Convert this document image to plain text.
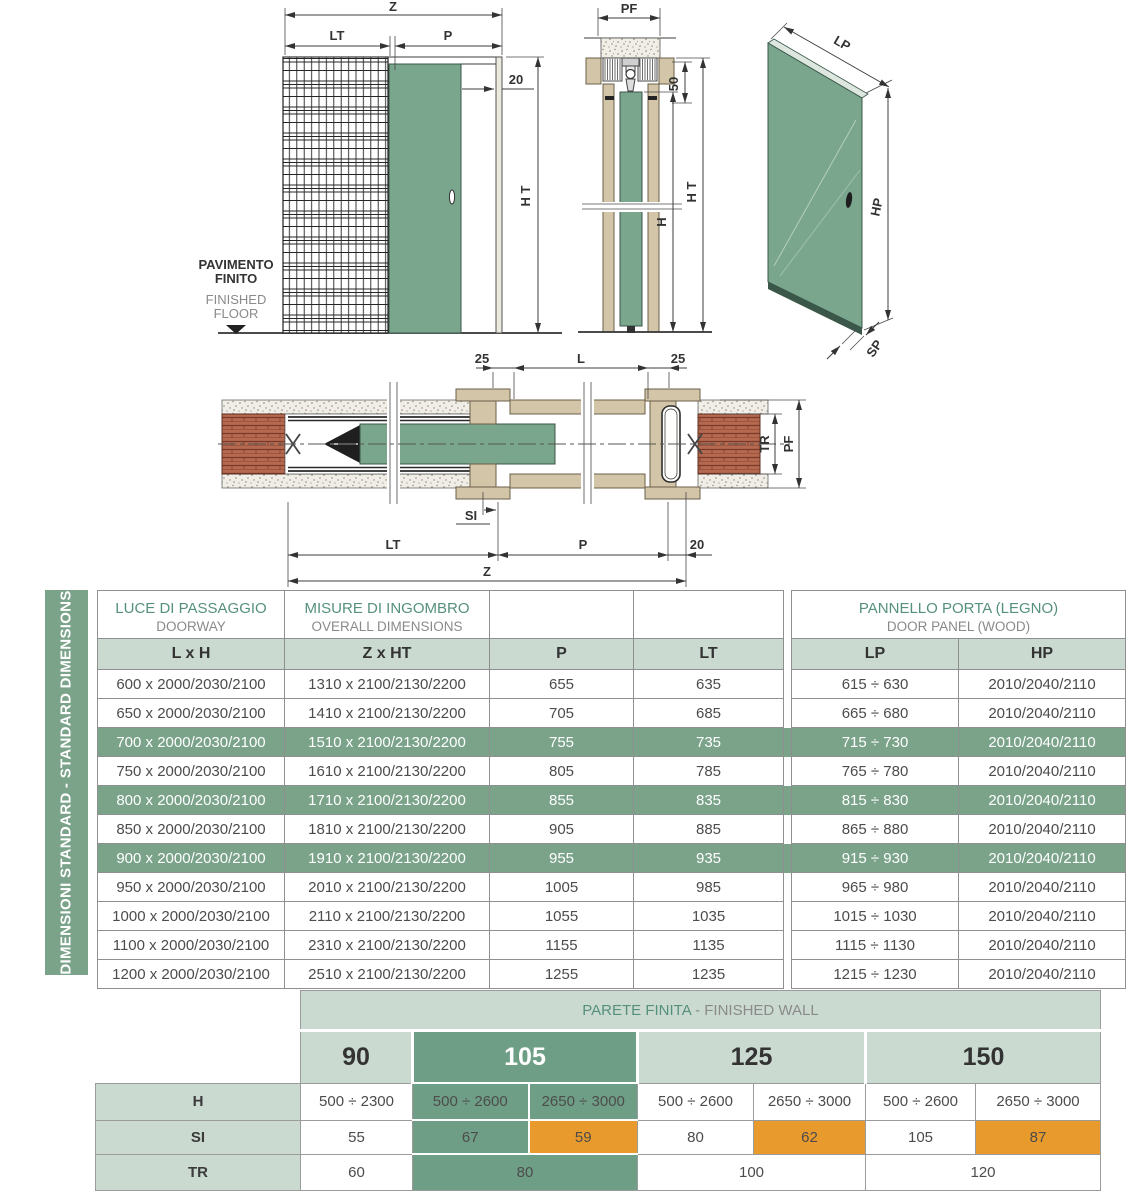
Z
LT	P
20
H T
PAVIMENTO
FINITO
FINISHED
FLOOR
PF
50
H
H T
LP
HP
SP
25	L	25
TR PF
SI
LT	P	20
Z
DIMENSIONI STANDARD - STANDARD DIMENSIONS	LUCE DI PASSAGGIO
DOORWAY	MISURE DI INGOMBRO
OVERALL DIMENSIONS				PANNELLO PORTA (LEGNO)
DOOR PANEL (WOOD)	

L x H	Z x HT	P	LT		LP	HP
600 x 2000/2030/2100	1310 x 2100/2130/2200	655	635		615 ÷ 630	2010/2040/2110
650 x 2000/2030/2100	1410 x 2100/2130/2200	705	685		665 ÷ 680	2010/2040/2110
700 x 2000/2030/2100	1510 x 2100/2130/2200	755	735		715 ÷ 730	2010/2040/2110
750 x 2000/2030/2100	1610 x 2100/2130/2200	805	785		765 ÷ 780	2010/2040/2110
800 x 2000/2030/2100	1710 x 2100/2130/2200	855	835		815 ÷ 830	2010/2040/2110
850 x 2000/2030/2100	1810 x 2100/2130/2200	905	885		865 ÷ 880	2010/2040/2110
900 x 2000/2030/2100	1910 x 2100/2130/2200	955	935		915 ÷ 930	2010/2040/2110
950 x 2000/2030/2100	2010 x 2100/2130/2200	1005	985		965 ÷ 980	2010/2040/2110
1000 x 2000/2030/2100	2110 x 2100/2130/2200	1055	1035		1015 ÷ 1030	2010/2040/2110
1100 x 2000/2030/2100	2310 x 2100/2130/2200	1155	1135		1115 ÷ 1130	2010/2040/2110
1200 x 2000/2030/2100	2510 x 2100/2130/2200	1255	1235		1215 ÷ 1230	2010/2040/2110
	PARETE FINITA - FINISHED WALL						
	90	105		125		150	
H	500 ÷ 2300	500 ÷ 2600	2650 ÷ 3000	500 ÷ 2600	2650 ÷ 3000	500 ÷ 2600	2650 ÷ 3000
SI	55	67	59	80	62	105	87
TR	60	80		100		120	
